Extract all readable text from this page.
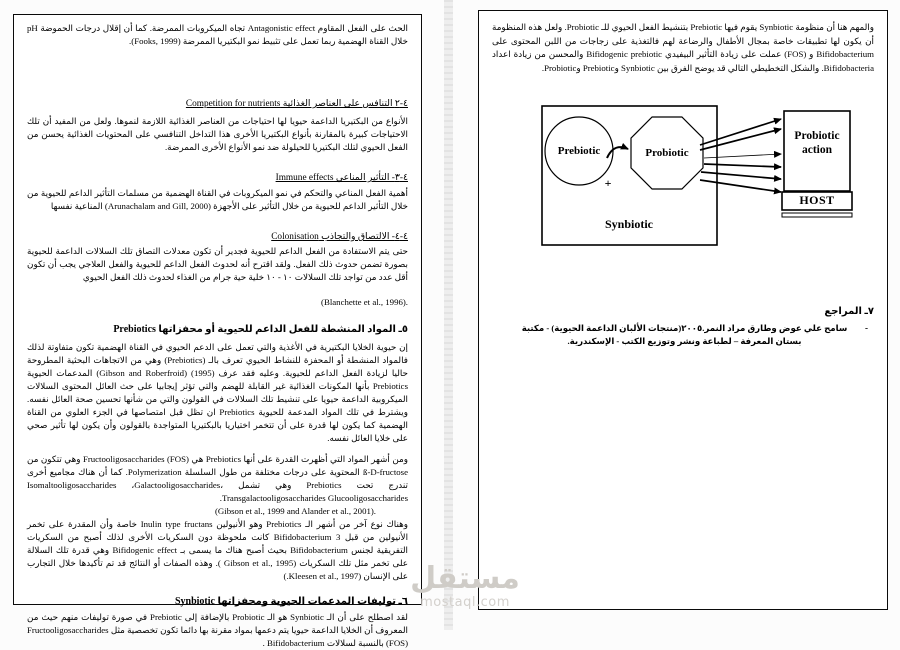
الحث على الفعل المقاوم Antagonistic effect تجاه الميكروبات الممرضة. كما أن إقلال درجات الحموضة pH خلال القناة الهضمية ربما تعمل على تثبيط نمو البكتيريا الممرضة (Fooks, 1999).
٤-٢ التنافس على العناصر الغذائية Competition for nutrients
الأنواع من البكتيريا الداعمة حيويا لها احتياجات من العناصر الغذائية اللازمة لنموها. ولعل من المفيد أن تلك الاحتياجات كبيرة بالمقارنة بأنواع البكتيريا الأخرى هذا التداخل التنافسي على المحتويات الغذائية يحسن من الفعل الحيوي لتلك البكتيريا للحيلولة ضد نمو الأنواع الأخرى الممرضة.
٤-٣- التأثير المناعي Immune effects
أهمية الفعل المناعي والتحكم في نمو الميكروبات في القناة الهضمية من مسلمات التأثير الداعم للحيوية من خلال التأثير الداعم للحيوية من خلال التأثير على الأجهزة (Arunachalam and Gill, 2000) المناعية نفسها
٤-٤- الالتصاق والتجاذب Colonisation
حتى يتم الاستفادة من الفعل الداعم للحيوية فجدير أن تكون معدلات التصاق تلك السلالات الداعمة للحيوية بصورة تضمن حدوث ذلك الفعل. ولقد اقترح أنه لحدوث الفعل الداعم للحيوية والفعل العلاجي يجب أن تكون أقل عدد من تواجد تلك السلالات ١٠ - ١٠ خلية حية جرام من الغذاء لحدوث ذلك الفعل الحيوي
(Blanchette et al., 1996).
٥ـ المواد المنشطة للفعل الداعم للحيوية أو محفزاتها Prebiotics
إن حيوية الخلايا البكتيرية في الأغذية والتي تعمل على الدعم الحيوي في القناة الهضمية تكون متفاوتة لذلك فالمواد المنشطة أو المحفزة للنشاط الحيوي تعرف بالـ (Prebiotics) وهي من الاتجاهات البحثية المطروحة حاليا لزيادة الفعل الداعم للحيوية. وعليه فقد عرف (1995) (Gibson and Roberfroid) المدعمات الحيوية Prebiotics بأنها المكونات الغذائية غير القابلة للهضم والتي تؤثر إيجابيا على حث العائل المحتوى السلالات الميكروبية الداعمة حيويا على تنشيط تلك السلالات في القولون والتي من شأنها تحسين صحة العائل نفسه. ويشترط في تلك المواد المدعمة للحيوية Prebiotics ان تظل قبل امتصاصها في الجزء العلوي من القناة الهضمية كما يكون لها قدرة على أن تتخمر اختياريا بالبكتيريا المتواجدة بالقولون وأن يكون لها تأثير صحي على خلايا العائل نفسه.
ومن أشهر المواد التي أظهرت القدرة على أنها Prebiotics هي Fructooligosaccharides (FOS) وهي تتكون من ß-D-fructose المحتوية على درجات مختلفة من طول السلسلة Polymerization. كما أن هناك مجاميع أخرى تندرج تحت Prebiotics وهي تشمل Isomaltooligosaccharides ،Galactooligosaccharides، Transgalactooligosaccharides Glucooligosaccharides.
(Gibson et al., 1999 and Alander et al., 2001).
وهناك نوع آخر من أشهر الـ Prebiotics وهو الأنيولين Inulin type fructans خاصة وأن المقدرة على تخمر الأنيولين من قبل 3 Bifidobacterium كانت ملحوظة دون السكريات الأخرى لذلك أصبح من السكريات التفريقية لجنس Bifidobacterium بحيث أصبح هناك ما يسمى بـ Bifidogenic effect وهي قدرة تلك السلالة على تخمر مثل تلك السكريات (Gibson et al., 1995 ). وهذه الصفات أو النتائج قد تم تأكيدها خلال التجارب على الإنسان (Kleesen et al., 1997.)
٦ـ توليفات المدعمات الحيوية ومحفزاتها Synbiotic
لقد اصطلح على أن الـ Synbiotic هو الـ Probiotic بالإضافة إلى Prebiotic في صورة توليفات منهم حيث من المعروف أن الخلايا الداعمة حيويا يتم دعمها بمواد مقرنة بها دائما تكون تخصصية مثل Fructooligosaccharides (FOS) بالنسبة لسلالات Bifidobacterium .
والمهم هنا أن منظومة Synbiotic يقوم فيها Prebiotic بتنشيط الفعل الحيوي للـ Probiotic. ولعل هذه المنظومة أن يكون لها تطبيقات خاصة بمجال الأطفال والرضاعة لهم فالتغذية على زجاجات من اللبن المحتوى على Bifidobacterium و (FOS) عملت على زيادة التأثير البيفيدي Bifidogenic prebiotic والمحسن من زيادة اعداد Bifidobacteria. والشكل التخطيطي التالي قد يوضح الفرق بين Synbiotic وPrebiotic وProbiotic.
٧ـ المراجع
-
سامح علي عوض وطارق مراد النمر.٢٠٠٥(منتجات الألبان الداعمة الحيوية) - مكتبة بستان المعرفة – لطباعة ونشر وتوزيع الكتب - الإسكندرية.
Prebiotic	Probiotic
+
Synbiotic
Probiotic action
HOST
مستقل
mostaql.com
